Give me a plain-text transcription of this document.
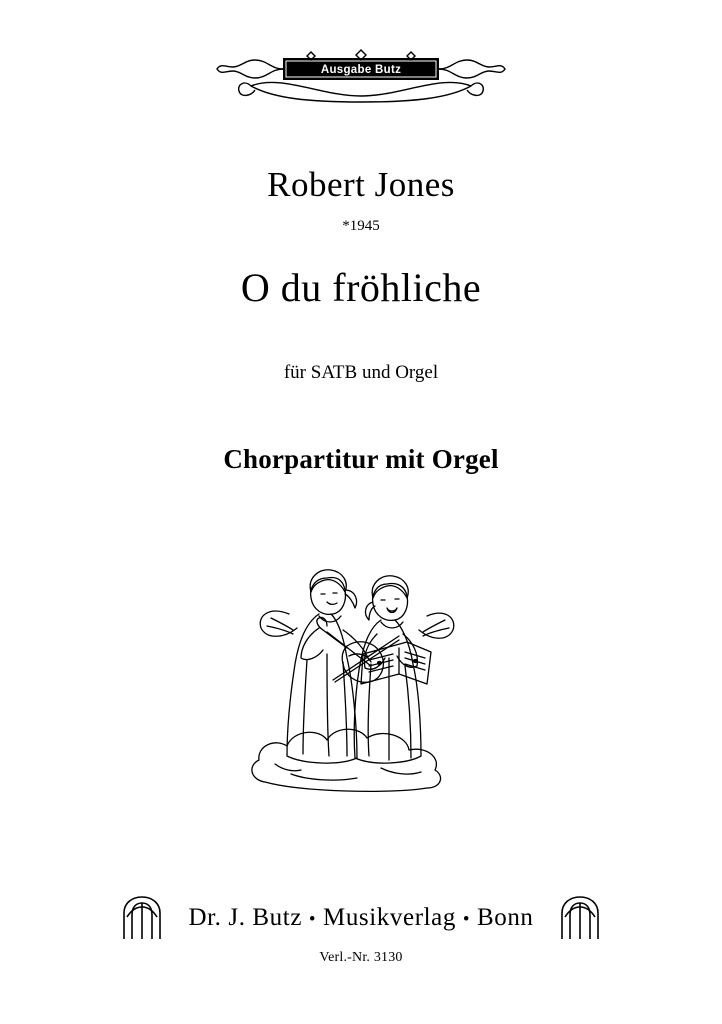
Ausgabe Butz
Robert Jones
*1945
O du fröhliche
für SATB und Orgel
Chorpartitur mit Orgel
Dr. J. Butz • Musikverlag • Bonn
Verl.-Nr. 3130
